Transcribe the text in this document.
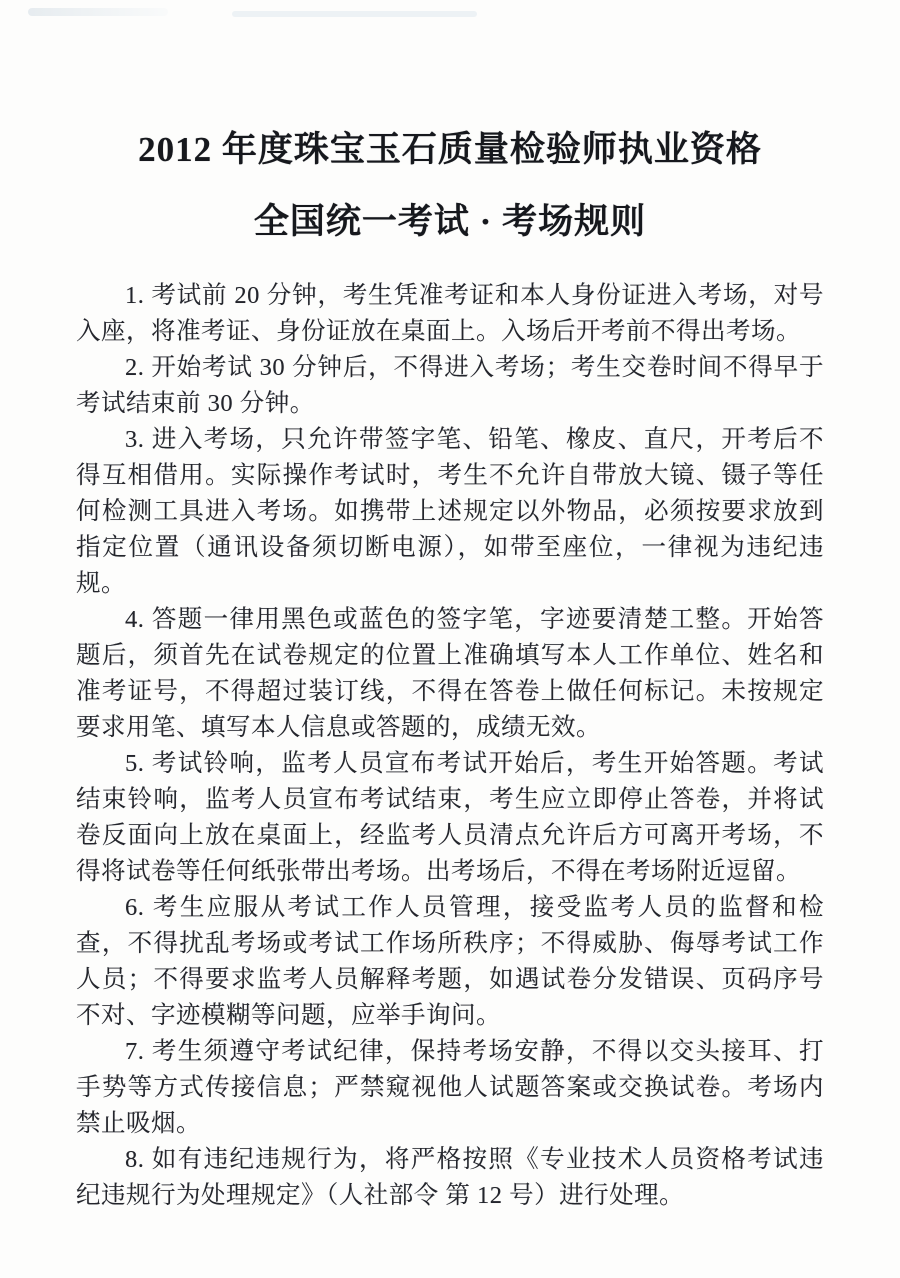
2012 年度珠宝玉石质量检验师执业资格
全国统一考试 · 考场规则

1. 考试前 20 分钟，考生凭准考证和本人身份证进入考场，对号入座，将准考证、身份证放在桌面上。入场后开考前不得出考场。

2. 开始考试 30 分钟后，不得进入考场；考生交卷时间不得早于考试结束前 30 分钟。

3. 进入考场，只允许带签字笔、铅笔、橡皮、直尺，开考后不得互相借用。实际操作考试时，考生不允许自带放大镜、镊子等任何检测工具进入考场。如携带上述规定以外物品，必须按要求放到指定位置（通讯设备须切断电源），如带至座位，一律视为违纪违规。

4. 答题一律用黑色或蓝色的签字笔，字迹要清楚工整。开始答题后，须首先在试卷规定的位置上准确填写本人工作单位、姓名和准考证号，不得超过装订线，不得在答卷上做任何标记。未按规定要求用笔、填写本人信息或答题的，成绩无效。

5. 考试铃响，监考人员宣布考试开始后，考生开始答题。考试结束铃响，监考人员宣布考试结束，考生应立即停止答卷，并将试卷反面向上放在桌面上，经监考人员清点允许后方可离开考场，不得将试卷等任何纸张带出考场。出考场后，不得在考场附近逗留。

6. 考生应服从考试工作人员管理，接受监考人员的监督和检查，不得扰乱考场或考试工作场所秩序；不得威胁、侮辱考试工作人员；不得要求监考人员解释考题，如遇试卷分发错误、页码序号不对、字迹模糊等问题，应举手询问。

7. 考生须遵守考试纪律，保持考场安静，不得以交头接耳、打手势等方式传接信息；严禁窥视他人试题答案或交换试卷。考场内禁止吸烟。

8. 如有违纪违规行为，将严格按照《专业技术人员资格考试违纪违规行为处理规定》（人社部令 第 12 号）进行处理。
